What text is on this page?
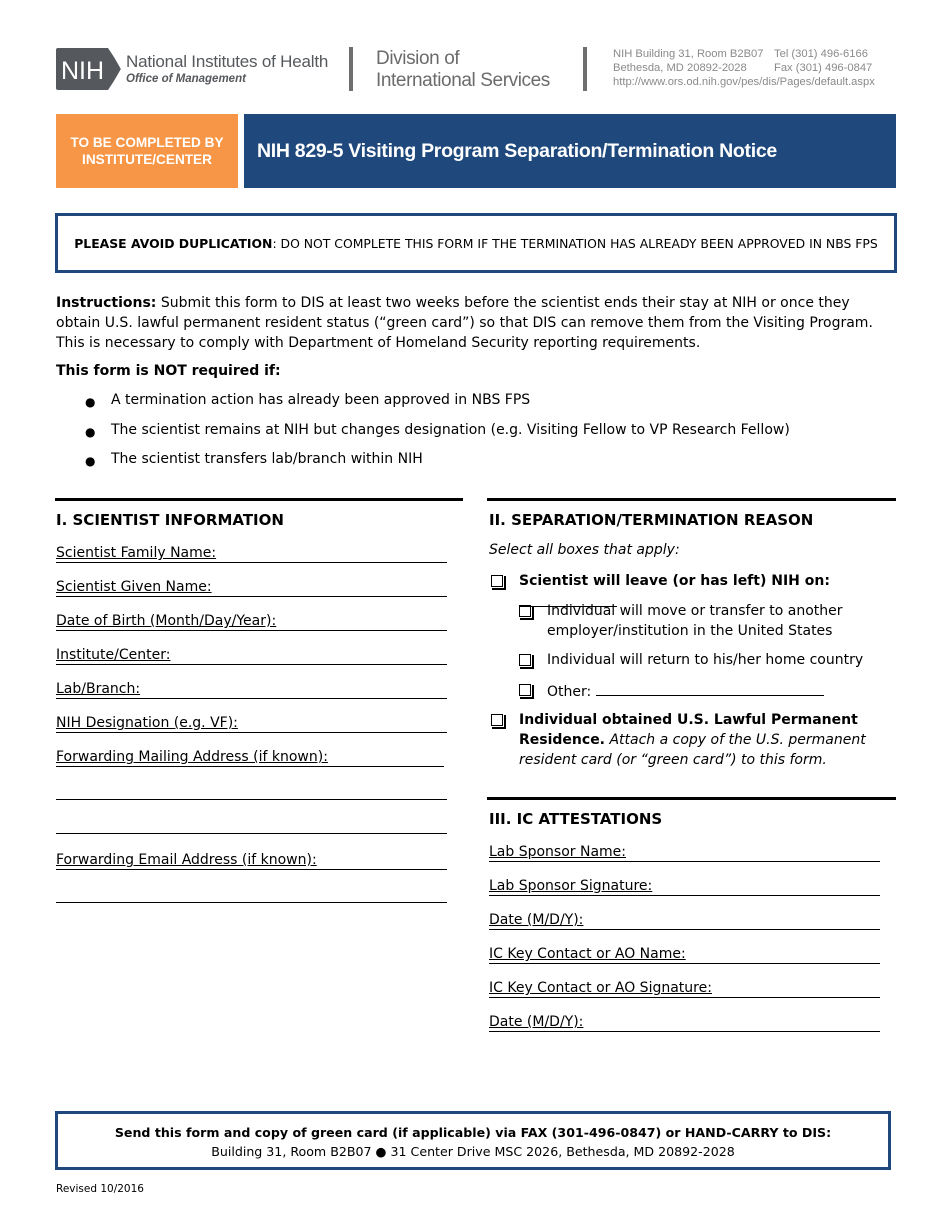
NIH National Institutes of Health
Office of Management
Division of
International Services
NIH Building 31, Room B2B07 Tel (301) 496-6166
Bethesda, MD 20892-2028	Fax (301) 496-0847
http://www.ors.od.nih.gov/pes/dis/Pages/default.aspx
TO BE COMPLETED BY INSTITUTE/CENTER	NIH 829-5 Visiting Program Separation/Termination Notice
PLEASE AVOID DUPLICATION: DO NOT COMPLETE THIS FORM IF THE TERMINATION HAS ALREADY BEEN APPROVED IN NBS FPS
Instructions: Submit this form to DIS at least two weeks before the scientist ends their stay at NIH or once they obtain U.S. lawful permanent resident status (“green card”) so that DIS can remove them from the Visiting Program. This is necessary to comply with Department of Homeland Security reporting requirements.
This form is NOT required if:
●	A termination action has already been approved in NBS FPS
●	The scientist remains at NIH but changes designation (e.g. Visiting Fellow to VP Research Fellow)
●	The scientist transfers lab/branch within NIH
I. SCIENTIST INFORMATION
Scientist Family Name:
Scientist Given Name:
Date of Birth (Month/Day/Year):
Institute/Center:
Lab/Branch:
NIH Designation (e.g. VF):
Forwarding Mailing Address (if known):
Forwarding Email Address (if known):
II. SEPARATION/TERMINATION REASON
Select all boxes that apply:
Scientist will leave (or has left) NIH on:
Individual will move or transfer to another employer/institution in the United States
Individual will return to his/her home country
Other:
Individual obtained U.S. Lawful Permanent Residence. Attach a copy of the U.S. permanent resident card (or “green card”) to this form.
III. IC ATTESTATIONS
Lab Sponsor Name:
Lab Sponsor Signature:
Date (M/D/Y):
IC Key Contact or AO Name:
IC Key Contact or AO Signature:
Date (M/D/Y):
Send this form and copy of green card (if applicable) via FAX (301-496-0847) or HAND-CARRY to DIS:
Building 31, Room B2B07 ● 31 Center Drive MSC 2026, Bethesda, MD 20892-2028
Revised 10/2016
